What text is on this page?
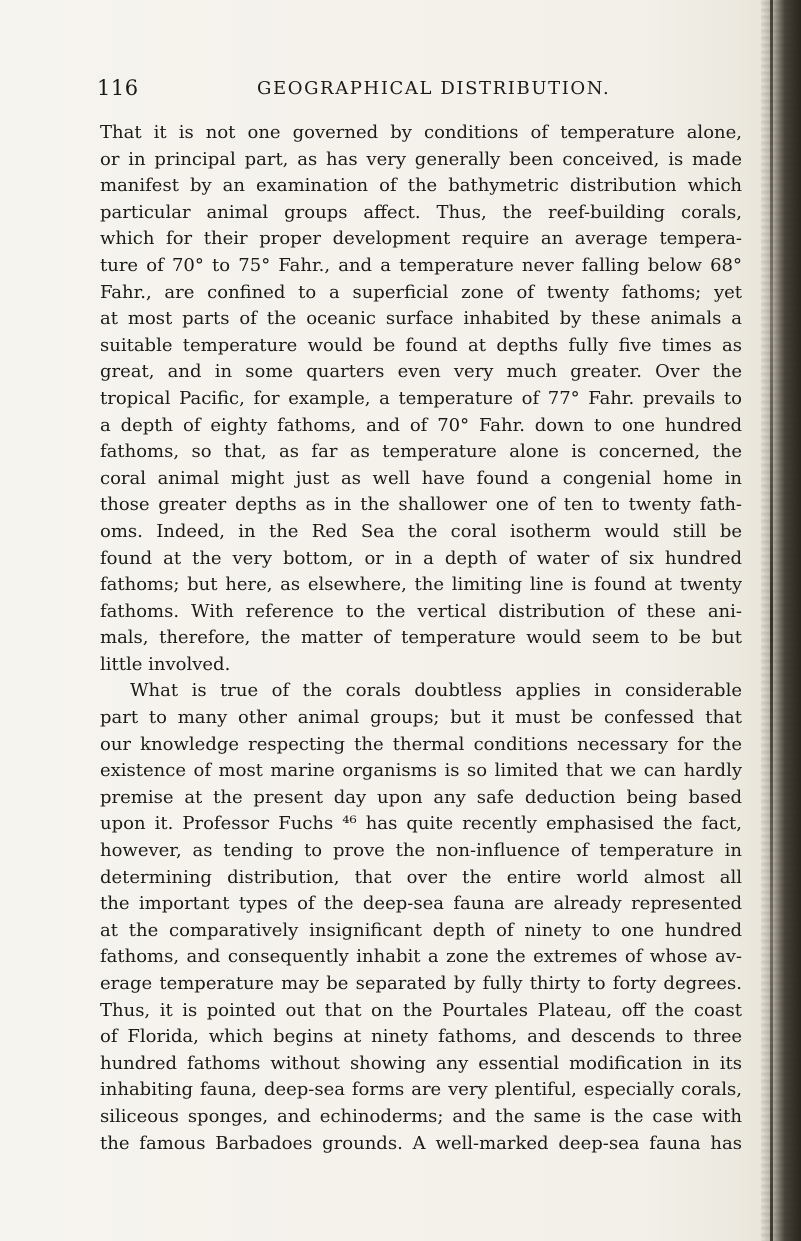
116	GEOGRAPHICAL DISTRIBUTION.
That it is not one governed by conditions of temperature alone,
or in principal part, as has very generally been conceived, is made
manifest by an examination of the bathymetric distribution which
particular animal groups affect. Thus, the reef-building corals,
which for their proper development require an average tempera-
ture of 70° to 75° Fahr., and a temperature never falling below 68°
Fahr., are confined to a superficial zone of twenty fathoms; yet
at most parts of the oceanic surface inhabited by these animals a
suitable temperature would be found at depths fully five times as
great, and in some quarters even very much greater. Over the
tropical Pacific, for example, a temperature of 77° Fahr. prevails to
a depth of eighty fathoms, and of 70° Fahr. down to one hundred
fathoms, so that, as far as temperature alone is concerned, the
coral animal might just as well have found a congenial home in
those greater depths as in the shallower one of ten to twenty fath-
oms. Indeed, in the Red Sea the coral isotherm would still be
found at the very bottom, or in a depth of water of six hundred
fathoms; but here, as elsewhere, the limiting line is found at twenty
fathoms. With reference to the vertical distribution of these ani-
mals, therefore, the matter of temperature would seem to be but
little involved.
What is true of the corals doubtless applies in considerable
part to many other animal groups; but it must be confessed that
our knowledge respecting the thermal conditions necessary for the
existence of most marine organisms is so limited that we can hardly
premise at the present day upon any safe deduction being based
upon it. Professor Fuchs ⁴⁶ has quite recently emphasised the fact,
however, as tending to prove the non-influence of temperature in
determining distribution, that over the entire world almost all
the important types of the deep-sea fauna are already represented
at the comparatively insignificant depth of ninety to one hundred
fathoms, and consequently inhabit a zone the extremes of whose av-
erage temperature may be separated by fully thirty to forty degrees.
Thus, it is pointed out that on the Pourtales Plateau, off the coast
of Florida, which begins at ninety fathoms, and descends to three
hundred fathoms without showing any essential modification in its
inhabiting fauna, deep-sea forms are very plentiful, especially corals,
siliceous sponges, and echinoderms; and the same is the case with
the famous Barbadoes grounds. A well-marked deep-sea fauna has
